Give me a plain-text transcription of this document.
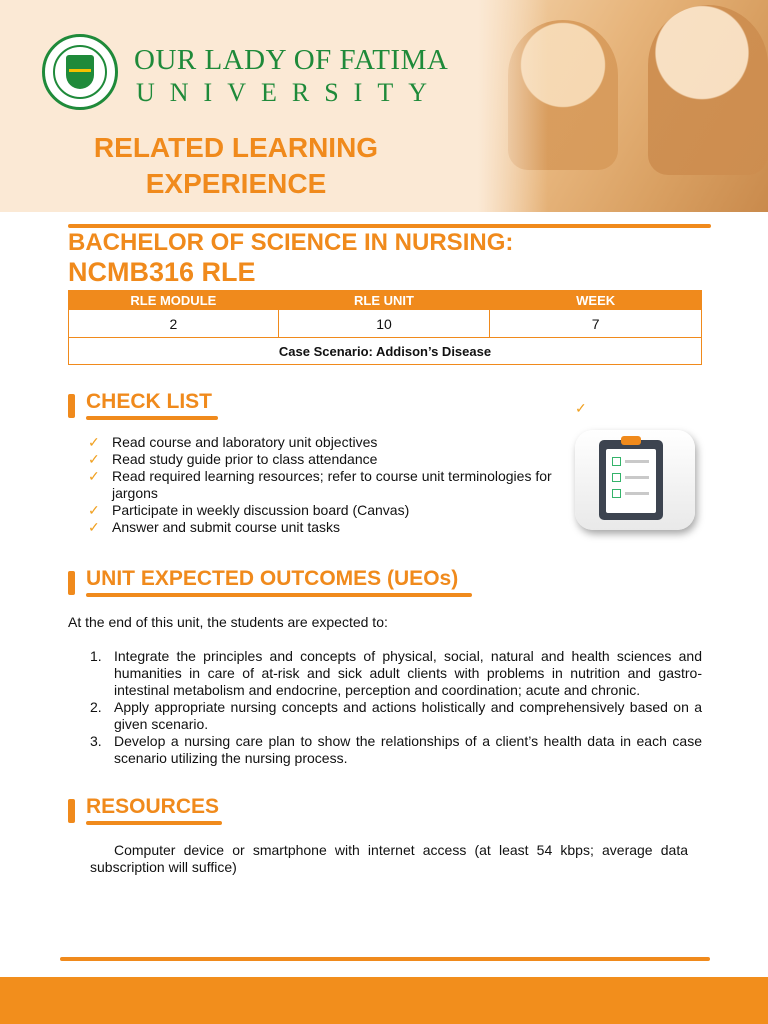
OUR LADY OF FATIMA
UNIVERSITY
RELATED LEARNING
EXPERIENCE
BACHELOR OF SCIENCE IN NURSING:
NCMB316 RLE
RLE MODULE	RLE UNIT	WEEK
2	10	7
Case Scenario: Addison’s Disease		
CHECK LIST	✓
✓ Read course and laboratory unit objectives
✓ Read study guide prior to class attendance
✓ Read required learning resources; refer to course unit terminologies for jargons
✓ Participate in weekly discussion board (Canvas)
✓ Answer and submit course unit tasks
UNIT EXPECTED OUTCOMES (UEOs)
At the end of this unit, the students are expected to:
1. Integrate the principles and concepts of physical, social, natural and health sciences and humanities in care of at-risk and sick adult clients with problems in nutrition and gastro-intestinal metabolism and endocrine, perception and coordination; acute and chronic.
2. Apply appropriate nursing concepts and actions holistically and comprehensively based on a given scenario.
3. Develop a nursing care plan to show the relationships of a client’s health data in each case scenario utilizing the nursing process.
RESOURCES
Computer device or smartphone with internet access (at least 54 kbps; average data subscription will suffice)
